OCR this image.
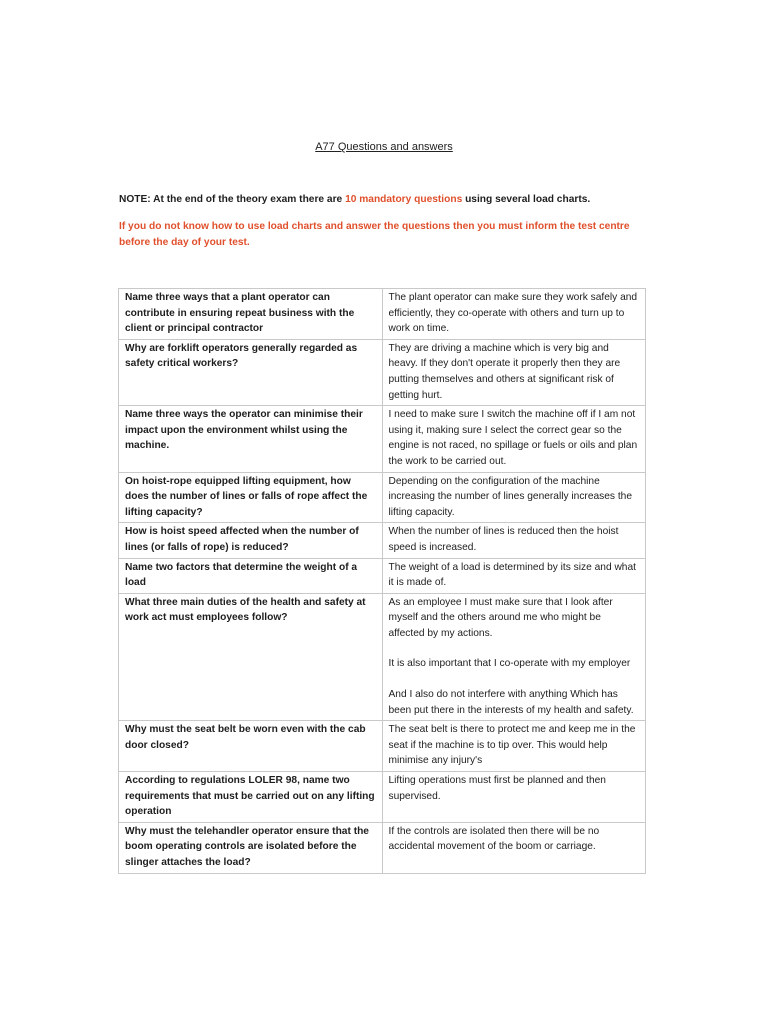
A77 Questions and answers
NOTE: At the end of the theory exam there are 10 mandatory questions using several load charts.
If you do not know how to use load charts and answer the questions then you must inform the test centre before the day of your test.
Name three ways that a plant operator can contribute in ensuring repeat business with the client or principal contractor	The plant operator can make sure they work safely and efficiently, they co-operate with others and turn up to work on time.

Why are forklift operators generally regarded as safety critical workers?	They are driving a machine which is very big and heavy. If they don't operate it properly then they are putting themselves and others at significant risk of getting hurt.

Name three ways the operator can minimise their impact upon the environment whilst using the machine.	I need to make sure I switch the machine off if I am not using it, making sure I select the correct gear so the engine is not raced, no spillage or fuels or oils and plan the work to be carried out.

On hoist-rope equipped lifting equipment, how does the number of lines or falls of rope affect the lifting capacity?	Depending on the configuration of the machine increasing the number of lines generally increases the lifting capacity.

How is hoist speed affected when the number of lines (or falls of rope) is reduced?	When the number of lines is reduced then the hoist speed is increased.

Name two factors that determine the weight of a load	The weight of a load is determined by its size and what it is made of.

What three main duties of the health and safety at work act must employees follow?	As an employee I must make sure that I look after myself and the others around me who might be affected by my actions.
It is also important that I co-operate with my employer
And I also do not interfere with anything Which has been put there in the interests of my health and safety.

Why must the seat belt be worn even with the cab door closed?	The seat belt is there to protect me and keep me in the seat if the machine is to tip over. This would help minimise any injury's

According to regulations LOLER 98, name two requirements that must be carried out on any lifting operation	Lifting operations must first be planned and then supervised.

Why must the telehandler operator ensure that the boom operating controls are isolated before the slinger attaches the load?	If the controls are isolated then there will be no accidental movement of the boom or carriage.
